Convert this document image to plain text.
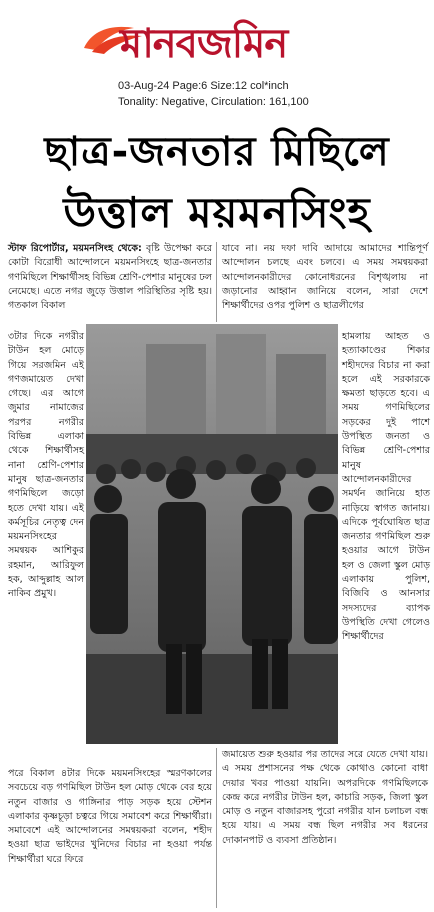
মানবজমিন
03-Aug-24 Page:6 Size:12 col*inch
Tonality: Negative, Circulation: 161,100
ছাত্র-জনতার মিছিলে
উত্তাল ময়মনসিংহ

স্টাফ রিপোর্টার, ময়মনসিংহ থেকে: বৃষ্টি উপেক্ষা করে কোটা বিরোধী আন্দোলনে ময়মনসিংহে ছাত্র-জনতার গণমিছিলে শিক্ষার্থীসহ বিভিন্ন শ্রেণি-পেশার মানুষের ঢল নেমেছে। এতে নগর জুড়ে উত্তাল পরিস্থিতির সৃষ্টি হয়। গতকাল বিকাল

যাবে না। নয় দফা দাবি আদায়ে আমাদের শান্তিপূর্ণ আন্দোলন চলছে এবং চলবে। এ সময় সমন্বয়করা আন্দোলনকারীদের কোনোধরনের বিশৃঙ্খলায় না জড়ানোর আহ্বান জানিয়ে বলেন, সারা দেশে শিক্ষার্থীদের ওপর পুলিশ ও ছাত্রলীগের

৩টার দিকে নগরীর টাউন হল মোড়ে গিয়ে সরজমিন এই গণজমায়েত দেখা গেছে। এর আগে জুমার নামাজের পরপর নগরীর বিভিন্ন এলাকা থেকে শিক্ষার্থীসহ নানা শ্রেণি-পেশার মানুষ ছাত্র-জনতার গণমিছিলে জড়ো হতে দেখা যায়। এই কর্মসূচির নেতৃত্ব দেন ময়মনসিংহের সমন্বয়ক আশিকুর রহমান, আরিফুল হক, আব্দুল্লাহ আল নাকিব প্রমুখ।

হামলায় আহত ও হত্যাকাণ্ডের শিকার শহীদদের বিচার না করা হলে এই সরকারকে ক্ষমতা ছাড়তে হবে। এ সময় গণমিছিলের সড়কের দুই পাশে উপস্থিত জনতা ও বিভিন্ন শ্রেণি-পেশার মানুষ আন্দোলনকারীদের সমর্থন জানিয়ে হাত নাড়িয়ে স্বাগত জানায়। এদিকে পূর্বঘোষিত ছাত্র জনতার গণমিছিল শুরু হওয়ার আগে টাউন হল ও জেলা স্কুল মোড় এলাকায় পুলিশ, বিজিবি ও আনসার সদস্যদের ব্যাপক উপস্থিতি দেখা গেলেও শিক্ষার্থীদের

পরে বিকাল ৪টার দিকে ময়মনসিংহের স্মরণকালের সবচেয়ে বড় গণমিছিল টাউন হল মোড় থেকে বের হয়ে নতুন বাজার ও গাঙ্গিনার পাড় সড়ক হয়ে স্টেশন এলাকার কৃষ্ণচূড়া চত্বরে গিয়ে সমাবেশ করে শিক্ষার্থীরা। সমাবেশে এই আন্দোলনের সমন্বয়করা বলেন, শহীদ হওয়া ছাত্র ভাইদের খুনিদের বিচার না হওয়া পর্যন্ত শিক্ষার্থীরা ঘরে ফিরে

জমায়েত শুরু হওয়ার পর তাদের সরে যেতে দেখা যায়। এ সময় প্রশাসনের পক্ষ থেকে কোথাও কোনো বাধা দেয়ার খবর পাওয়া যায়নি। অপরদিকে গণমিছিলকে কেন্দ্র করে নগরীর টাউন হল, কাচারি সড়ক, জিলা স্কুল মোড় ও নতুন বাজারসহ পুরো নগরীর যান চলাচল বন্ধ হয়ে যায়। এ সময় বন্ধ ছিল নগরীর সব ধরনের দোকানপাট ও ব্যবসা প্রতিষ্ঠান।
